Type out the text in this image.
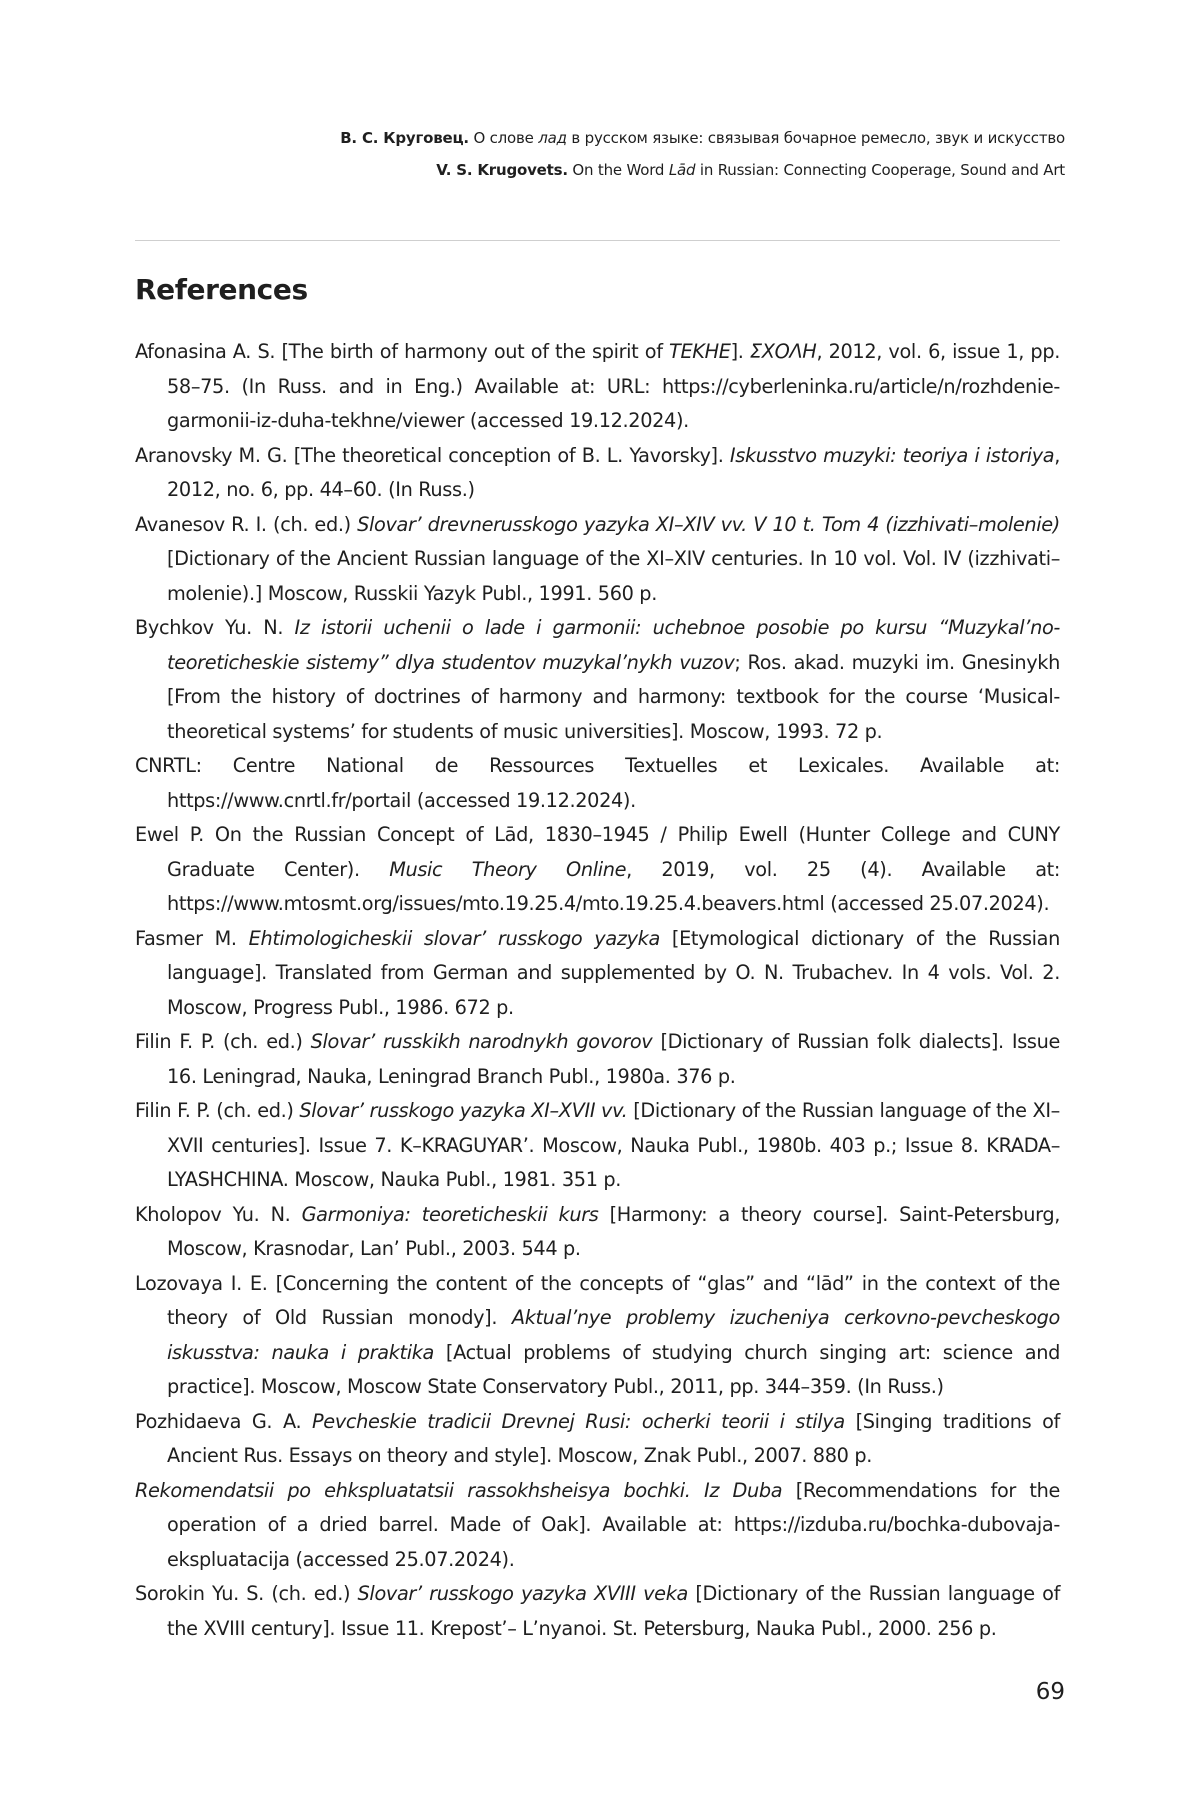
В. С. Круговец. О слове лад в русском языке: связывая бочарное ремесло, звук и искусство
V. S. Krugovets. On the Word Lād in Russian: Connecting Cooperage, Sound and Art
References

Afonasina A. S. [The birth of harmony out of the spirit of TEKHE]. ΣΧΟΛΗ, 2012, vol. 6, issue 1, pp. 58–75. (In Russ. and in Eng.) Available at: URL: https://cyberleninka.ru/article/n/rozhdenie-garmonii-iz-duha-tekhne/viewer (accessed 19.12.2024).

Aranovsky M. G. [The theoretical conception of B. L. Yavorsky]. Iskusstvo muzyki: teoriya i istoriya, 2012, no. 6, pp. 44–60. (In Russ.)

Avanesov R. I. (ch. ed.) Slovar’ drevnerusskogo yazyka XI–XIV vv. V 10 t. Tom 4 (izzhivati–molenie) [Dictionary of the Ancient Russian language of the XI–XIV centuries. In 10 vol. Vol. IV (izzhivati–molenie).] Moscow, Russkii Yazyk Publ., 1991. 560 p.

Bychkov Yu. N. Iz istorii uchenii o lade i garmonii: uchebnoe posobie po kursu “Muzykal’no-teoreticheskie sistemy” dlya studentov muzykal’nykh vuzov; Ros. akad. muzyki im. Gnesinykh [From the history of doctrines of harmony and harmony: textbook for the course ‘Musical-theoretical systems’ for students of music universities]. Moscow, 1993. 72 p.

CNRTL: Centre National de Ressources Textuelles et Lexicales. Available at: https://www.cnrtl.fr/portail (accessed 19.12.2024).

Ewel P. On the Russian Concept of Lād, 1830–1945 / Philip Ewell (Hunter College and CUNY Graduate Center). Music Theory Online, 2019, vol. 25 (4). Available at: https://www.mtosmt.org/issues/mto.19.25.4/mto.19.25.4.beavers.html (accessed 25.07.2024).

Fasmer M. Ehtimologicheskii slovar’ russkogo yazyka [Etymological dictionary of the Russian language]. Translated from German and supplemented by O. N. Trubachev. In 4 vols. Vol. 2. Moscow, Progress Publ., 1986. 672 p.

Filin F. P. (ch. ed.) Slovar’ russkikh narodnykh govorov [Dictionary of Russian folk dialects]. Issue 16. Leningrad, Nauka, Leningrad Branch Publ., 1980a. 376 p.

Filin F. P. (ch. ed.) Slovar’ russkogo yazyka XI–XVII vv. [Dictionary of the Russian language of the XI–XVII centuries]. Issue 7. K–KRAGUYAR’. Moscow, Nauka Publ., 1980b. 403 p.; Issue 8. KRADA–LYASHCHINA. Moscow, Nauka Publ., 1981. 351 p.

Kholopov Yu. N. Garmoniya: teoreticheskii kurs [Harmony: a theory course]. Saint-Petersburg, Moscow, Krasnodar, Lan’ Publ., 2003. 544 p.

Lozovaya I. E. [Concerning the content of the concepts of “glas” and “lād” in the context of the theory of Old Russian monody]. Aktual’nye problemy izucheniya cerkovno-pevcheskogo iskusstva: nauka i praktika [Actual problems of studying church singing art: science and practice]. Moscow, Moscow State Conservatory Publ., 2011, pp. 344–359. (In Russ.)

Pozhidaeva G. A. Pevcheskie tradicii Drevnej Rusi: ocherki teorii i stilya [Singing traditions of Ancient Rus. Essays on theory and style]. Moscow, Znak Publ., 2007. 880 p.

Rekomendatsii po ehkspluatatsii rassokhsheisya bochki. Iz Duba [Recommendations for the operation of a dried barrel. Made of Oak]. Available at: https://izduba.ru/bochka-dubovaja-ekspluatacija (accessed 25.07.2024).

Sorokin Yu. S. (ch. ed.) Slovar’ russkogo yazyka XVIII veka [Dictionary of the Russian language of the XVIII century]. Issue 11. Krepost’– L’nyanoi. St. Petersburg, Nauka Publ., 2000. 256 p.

69
